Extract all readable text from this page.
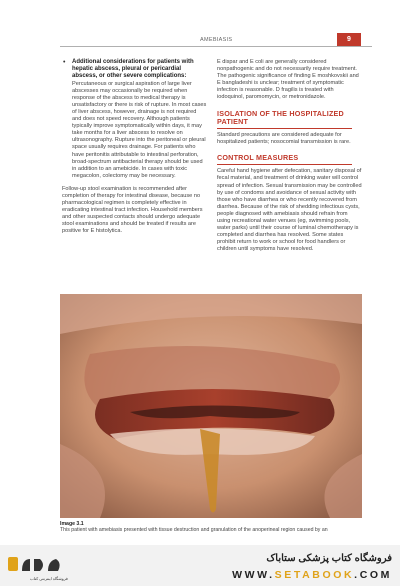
AMEBIASIS	9
• Additional considerations for patients with hepatic abscess, pleural or pericardial abscess, or other severe complications:
Percutaneous or surgical aspiration of large liver abscesses may occasionally be required when response of the abscess to medical therapy is unsatisfactory or there is risk of rupture. In most cases of liver abscess, however, drainage is not required and does not speed recovery. Although patients typically improve symptomatically within days, it may take months for a liver abscess to resolve on ultrasonography. Rupture into the peritoneal or pleural space usually requires drainage. For patients who have peritonitis attributable to intestinal perforation, broad-spectrum antibacterial therapy should be used in addition to an amebicide. In cases with toxic megacolon, colectomy may be necessary.

Follow-up stool examination is recommended after completion of therapy for intestinal disease, because no pharmacological regimen is completely effective in eradicating intestinal tract infection. Household members and other suspected contacts should undergo adequate stool examinations and should be treated if results are positive for E histolytica.

E dispar and E coli are generally considered nonpathogenic and do not necessarily require treatment. The pathogenic significance of finding E moshkovskii and E bangladeshi is unclear; treatment of symptomatic infection is reasonable. D fragilis is treated with iodoquinol, paromomycin, or metronidazole.

ISOLATION OF THE HOSPITALIZED PATIENT

Standard precautions are considered adequate for hospitalized patients; nosocomial transmission is rare.

CONTROL MEASURES

Careful hand hygiene after defecation, sanitary disposal of fecal material, and treatment of drinking water will control spread of infection. Sexual transmission may be controlled by use of condoms and avoidance of sexual activity with those who have diarrhea or who recently recovered from diarrhea. Because of the risk of shedding infectious cysts, people diagnosed with amebiasis should refrain from using recreational water venues (eg, swimming pools, water parks) until their course of luminal chemotherapy is completed and diarrhea has resolved. Some states prohibit return to work or school for food handlers or children until symptoms have resolved.

Image 3.1
This patient with amebiasis presented with tissue destruction and granulation of the anoperineal region caused by an
فروشگاه اینترنتی کتاب
فروشگاه کتاب پزشکی ستاباک
WWW.SETABOOK.COM
